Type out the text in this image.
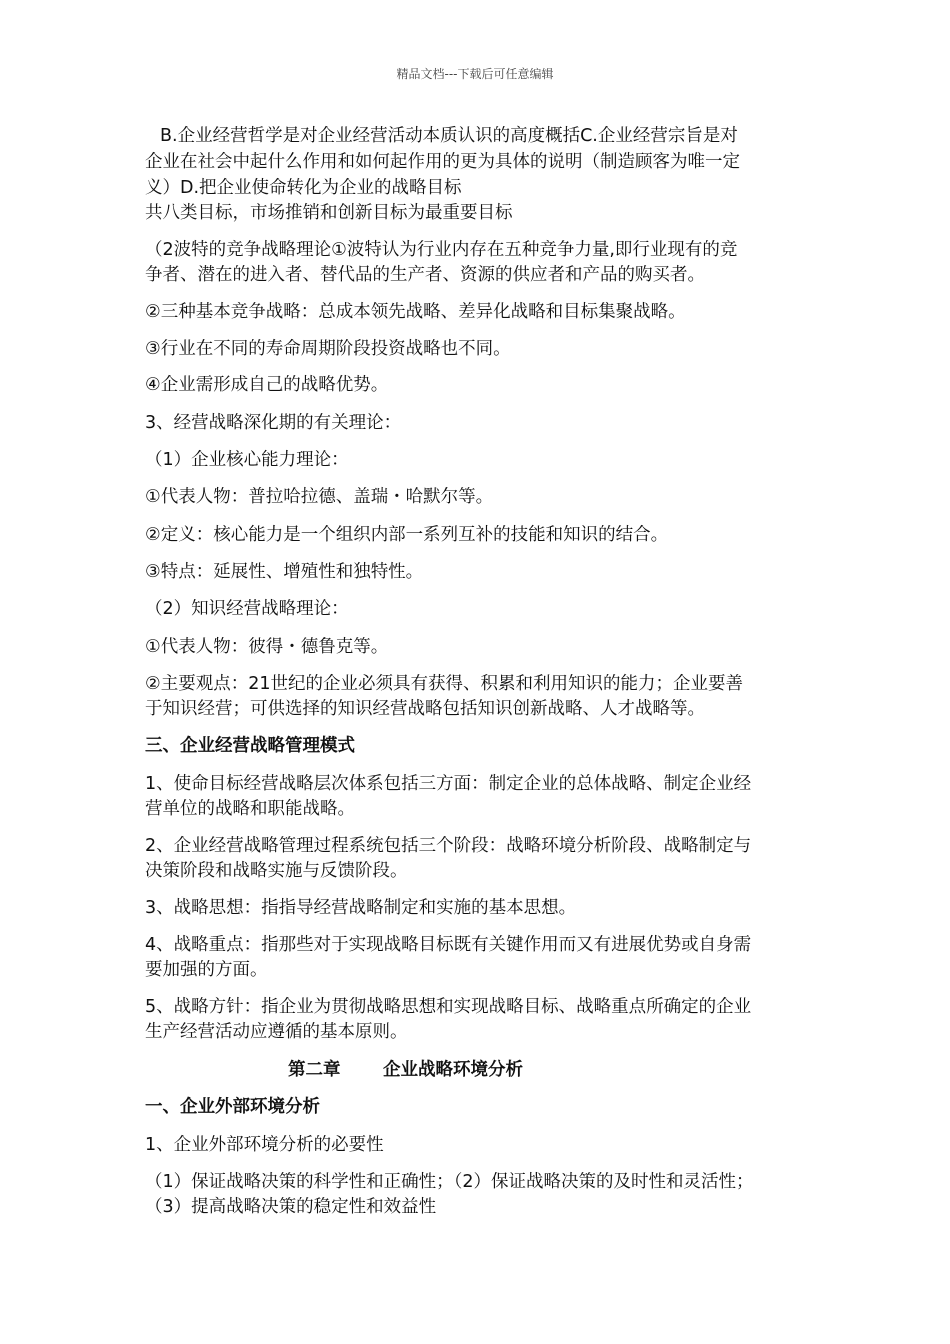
精品文档---下载后可任意编辑
B.企业经营哲学是对企业经营活动本质认识的高度概括C.企业经营宗旨是对
企业在社会中起什么作用和如何起作用的更为具体的说明（制造顾客为唯一定
义）D.把企业使命转化为企业的战略目标
共八类目标，市场推销和创新目标为最重要目标
（2波特的竞争战略理论①波特认为行业内存在五种竞争力量,即行业现有的竞
争者、潜在的进入者、替代品的生产者、资源的供应者和产品的购买者。
②三种基本竞争战略：总成本领先战略、差异化战略和目标集聚战略。
③行业在不同的寿命周期阶段投资战略也不同。
④企业需形成自己的战略优势。
3、经营战略深化期的有关理论：
（1）企业核心能力理论：
①代表人物：普拉哈拉德、盖瑞・哈默尔等。
②定义：核心能力是一个组织内部一系列互补的技能和知识的结合。
③特点：延展性、增殖性和独特性。
（2）知识经营战略理论：
①代表人物：彼得・德鲁克等。
②主要观点：21世纪的企业必须具有获得、积累和利用知识的能力；企业要善
于知识经营；可供选择的知识经营战略包括知识创新战略、人才战略等。
三、企业经营战略管理模式
1、使命目标经营战略层次体系包括三方面：制定企业的总体战略、制定企业经
营单位的战略和职能战略。
2、企业经营战略管理过程系统包括三个阶段：战略环境分析阶段、战略制定与
决策阶段和战略实施与反馈阶段。
3、战略思想：指指导经营战略制定和实施的基本思想。
4、战略重点：指那些对于实现战略目标既有关键作用而又有进展优势或自身需
要加强的方面。
5、战略方针：指企业为贯彻战略思想和实现战略目标、战略重点所确定的企业
生产经营活动应遵循的基本原则。
第二章 企业战略环境分析
一、企业外部环境分析
1、企业外部环境分析的必要性
（1）保证战略决策的科学性和正确性；（2）保证战略决策的及时性和灵活性；
（3）提高战略决策的稳定性和效益性
